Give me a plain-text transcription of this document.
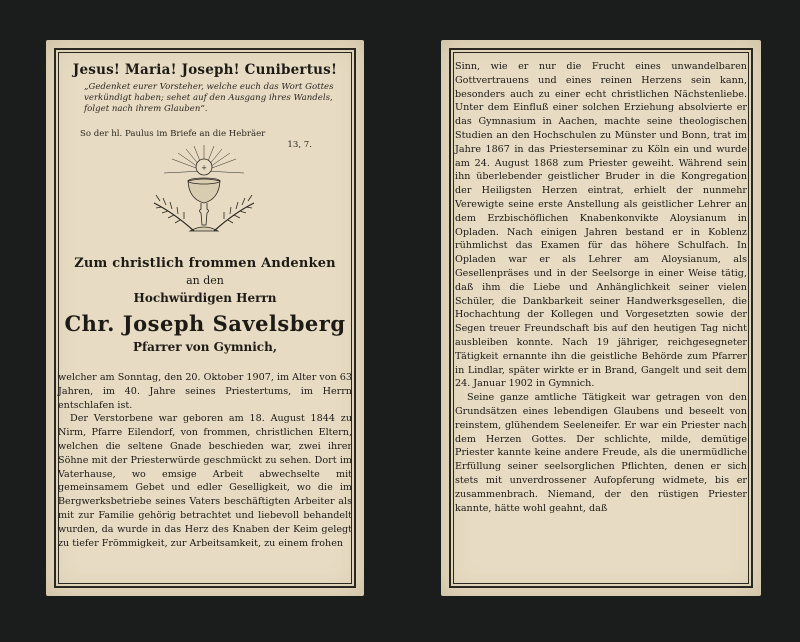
Jesus! Maria! Joseph! Cunibertus!
„Gedenket eurer Vorsteher, welche euch das Wort Gottes verkündigt haben; sehet auf den Ausgang ihres Wandels, folget nach ihrem Glauben“.
So der hl. Paulus im Briefe an die Hebräer
13, 7.
+
Zum christlich frommen Andenken
an den
Hochwürdigen Herrn
Chr. Joseph Savelsberg
Pfarrer von Gymnich,

welcher am Sonntag, den 20. Oktober 1907, im Alter von 63 Jahren, im 40. Jahre seines Priestertums, im Herrn entschlafen ist.

Der Verstorbene war geboren am 18. August 1844 zu Nirm, Pfarre Eilendorf, von frommen, christlichen Eltern, welchen die seltene Gnade beschieden war, zwei ihrer Söhne mit der Priesterwürde geschmückt zu sehen. Dort im Vaterhause, wo emsige Arbeit abwechselte mit gemeinsamem Gebet und edler Geselligkeit, wo die im Bergwerksbetriebe seines Vaters beschäftigten Arbeiter als mit zur Familie gehörig betrachtet und liebevoll behandelt wurden, da wurde in das Herz des Knaben der Keim gelegt zu tiefer Frömmigkeit, zur Arbeitsamkeit, zu einem frohen

Sinn, wie er nur die Frucht eines unwandelbaren Gottvertrauens und eines reinen Herzens sein kann, besonders auch zu einer echt christlichen Nächstenliebe. Unter dem Einfluß einer solchen Erziehung absolvierte er das Gymnasium in Aachen, machte seine theologischen Studien an den Hochschulen zu Münster und Bonn, trat im Jahre 1867 in das Priesterseminar zu Köln ein und wurde am 24. August 1868 zum Priester geweiht. Während sein ihn überlebender geistlicher Bruder in die Kongregation der Heiligsten Herzen eintrat, erhielt der nunmehr Verewigte seine erste Anstellung als geistlicher Lehrer an dem Erzbischöflichen Knabenkonvikte Aloysianum in Opladen. Nach einigen Jahren bestand er in Koblenz rühmlichst das Examen für das höhere Schulfach. In Opladen war er als Lehrer am Aloysianum, als Gesellenpräses und in der Seelsorge in einer Weise tätig, daß ihm die Liebe und Anhänglichkeit seiner vielen Schüler, die Dankbarkeit seiner Handwerksgesellen, die Hochachtung der Kollegen und Vorgesetzten sowie der Segen treuer Freundschaft bis auf den heutigen Tag nicht ausbleiben konnte. Nach 19 jähriger, reichgesegneter Tätigkeit ernannte ihn die geistliche Behörde zum Pfarrer in Lindlar, später wirkte er in Brand, Gangelt und seit dem 24. Januar 1902 in Gymnich.

Seine ganze amtliche Tätigkeit war getragen von den Grundsätzen eines lebendigen Glaubens und beseelt von reinstem, glühendem Seeleneifer. Er war ein Priester nach dem Herzen Gottes. Der schlichte, milde, demütige Priester kannte keine andere Freude, als die unermüdliche Erfüllung seiner seelsorglichen Pflichten, denen er sich stets mit unverdrossener Aufopferung widmete, bis er zusammenbrach. Niemand, der den rüstigen Priester kannte, hätte wohl geahnt, daß
